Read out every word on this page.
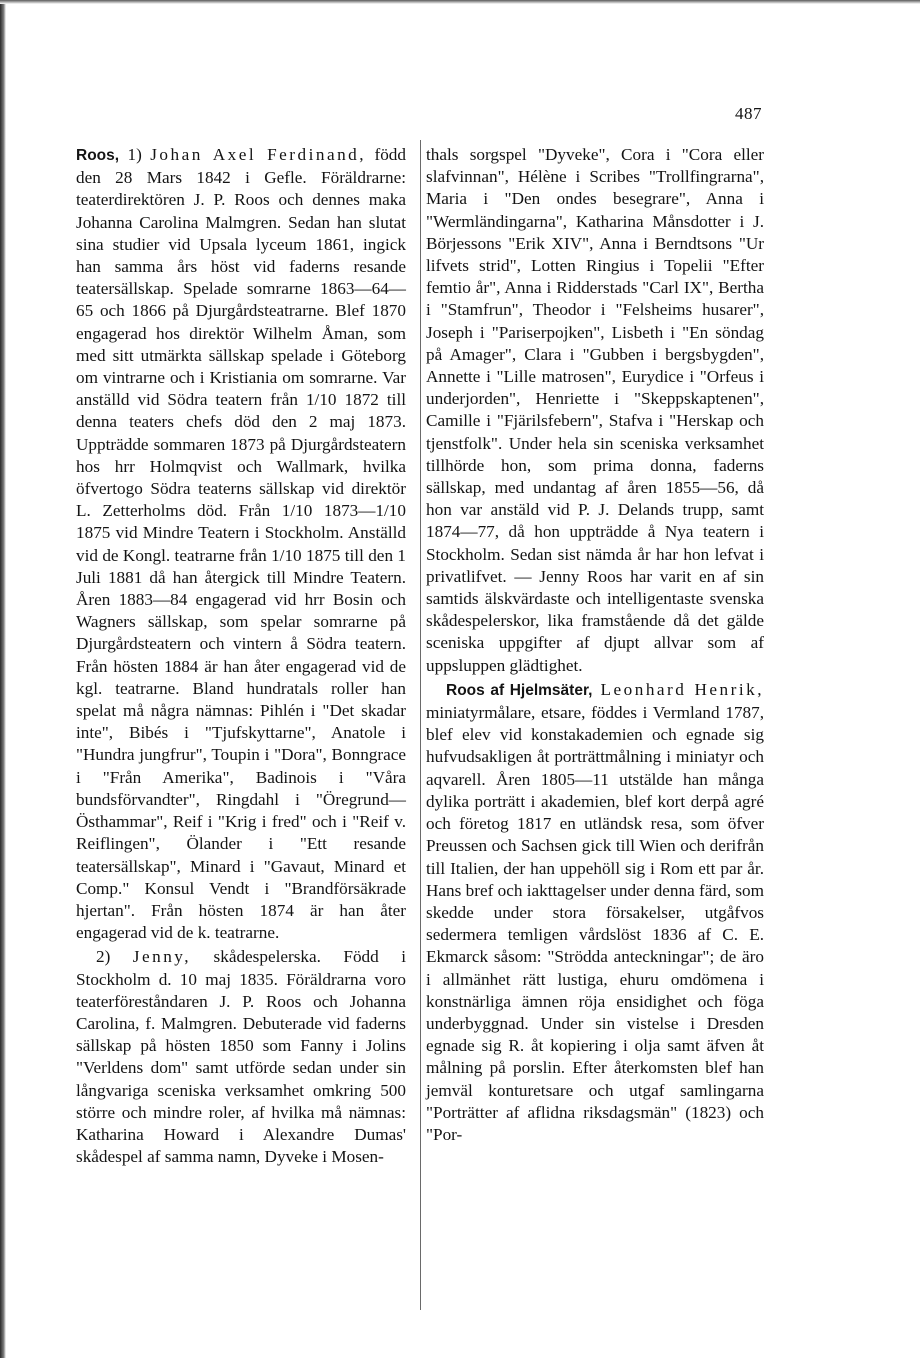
487

Roos, 1) Johan Axel Ferdinand, född den 28 Mars 1842 i Gefle. Föräldrarne: teaterdirektören J. P. Roos och dennes maka Johanna Carolina Malmgren. Sedan han slutat sina studier vid Upsala lyceum 1861, ingick han samma års höst vid faderns resande teatersällskap. Spelade somrarne 1863—64—65 och 1866 på Djurgårdsteatrarne. Blef 1870 engagerad hos direktör Wilhelm Åman, som med sitt utmärkta sällskap spelade i Göteborg om vintrarne och i Kristiania om somrarne. Var anställd vid Södra teatern från 1/10 1872 till denna teaters chefs död den 2 maj 1873. Uppträdde sommaren 1873 på Djurgårdsteatern hos hrr Holmqvist och Wallmark, hvilka öfvertogo Södra teaterns sällskap vid direktör L. Zetterholms död. Från 1/10 1873—1/10 1875 vid Mindre Teatern i Stockholm. Anställd vid de Kongl. teatrarne från 1/10 1875 till den 1 Juli 1881 då han återgick till Mindre Teatern. Åren 1883—84 engagerad vid hrr Bosin och Wagners sällskap, som spelar somrarne på Djurgårdsteatern och vintern å Södra teatern. Från hösten 1884 är han åter engagerad vid de kgl. teatrarne. Bland hundratals roller han spelat må några nämnas: Pihlén i "Det skadar inte", Bibés i "Tjufskyttarne", Anatole i "Hundra jungfrur", Toupin i "Dora", Bonngrace i "Från Amerika", Badinois i "Våra bundsförvandter", Ringdahl i "Öregrund—Östhammar", Reif i "Krig i fred" och i "Reif v. Reiflingen", Ölander i "Ett resande teatersällskap", Minard i "Gavaut, Minard et Comp." Konsul Vendt i "Brandförsäkrade hjertan". Från hösten 1874 är han åter engagerad vid de k. teatrarne.

2) Jenny, skådespelerska. Född i Stockholm d. 10 maj 1835. Föräldrarna voro teaterföreståndaren J. P. Roos och Johanna Carolina, f. Malmgren. Debuterade vid faderns sällskap på hösten 1850 som Fanny i Jolins "Verldens dom" samt utförde sedan under sin långvariga sceniska verksamhet omkring 500 större och mindre roler, af hvilka må nämnas: Katharina Howard i Alexandre Dumas' skådespel af samma namn, Dyveke i Mosen-

thals sorgspel "Dyveke", Cora i "Cora eller slafvinnan", Hélène i Scribes "Trollfingrarna", Maria i "Den ondes besegrare", Anna i "Wermländingarna", Katharina Månsdotter i J. Börjessons "Erik XIV", Anna i Berndtsons "Ur lifvets strid", Lotten Ringius i Topelii "Efter femtio år", Anna i Ridderstads "Carl IX", Bertha i "Stamfrun", Theodor i "Felsheims husarer", Joseph i "Pariserpojken", Lisbeth i "En söndag på Amager", Clara i "Gubben i bergsbygden", Annette i "Lille matrosen", Eurydice i "Orfeus i underjorden", Henriette i "Skeppskaptenen", Camille i "Fjärilsfebern", Stafva i "Herskap och tjenstfolk". Under hela sin sceniska verksamhet tillhörde hon, som prima donna, faderns sällskap, med undantag af åren 1855—56, då hon var anstäld vid P. J. Delands trupp, samt 1874—77, då hon uppträdde å Nya teatern i Stockholm. Sedan sist nämda år har hon lefvat i privatlifvet. — Jenny Roos har varit en af sin samtids älskvärdaste och intelligentaste svenska skådespelerskor, lika framstående då det gälde sceniska uppgifter af djupt allvar som af uppsluppen glädtighet.

Roos af Hjelmsäter, Leonhard Henrik, miniatyrmålare, etsare, föddes i Vermland 1787, blef elev vid konstakademien och egnade sig hufvudsakligen åt porträttmålning i miniatyr och aqvarell. Åren 1805—11 utstälde han många dylika porträtt i akademien, blef kort derpå agré och företog 1817 en utländsk resa, som öfver Preussen och Sachsen gick till Wien och derifrån till Italien, der han uppehöll sig i Rom ett par år. Hans bref och iakttagelser under denna färd, som skedde under stora försakelser, utgåfvos sedermera temligen vårdslöst 1836 af C. E. Ekmarck såsom: "Strödda anteckningar"; de äro i allmänhet rätt lustiga, ehuru omdömena i konstnärliga ämnen röja ensidighet och föga underbyggnad. Under sin vistelse i Dresden egnade sig R. åt kopiering i olja samt äfven åt målning på porslin. Efter återkomsten blef han jemväl konturetsare och utgaf samlingarna "Porträtter af aflidna riksdagsmän" (1823) och "Por-
